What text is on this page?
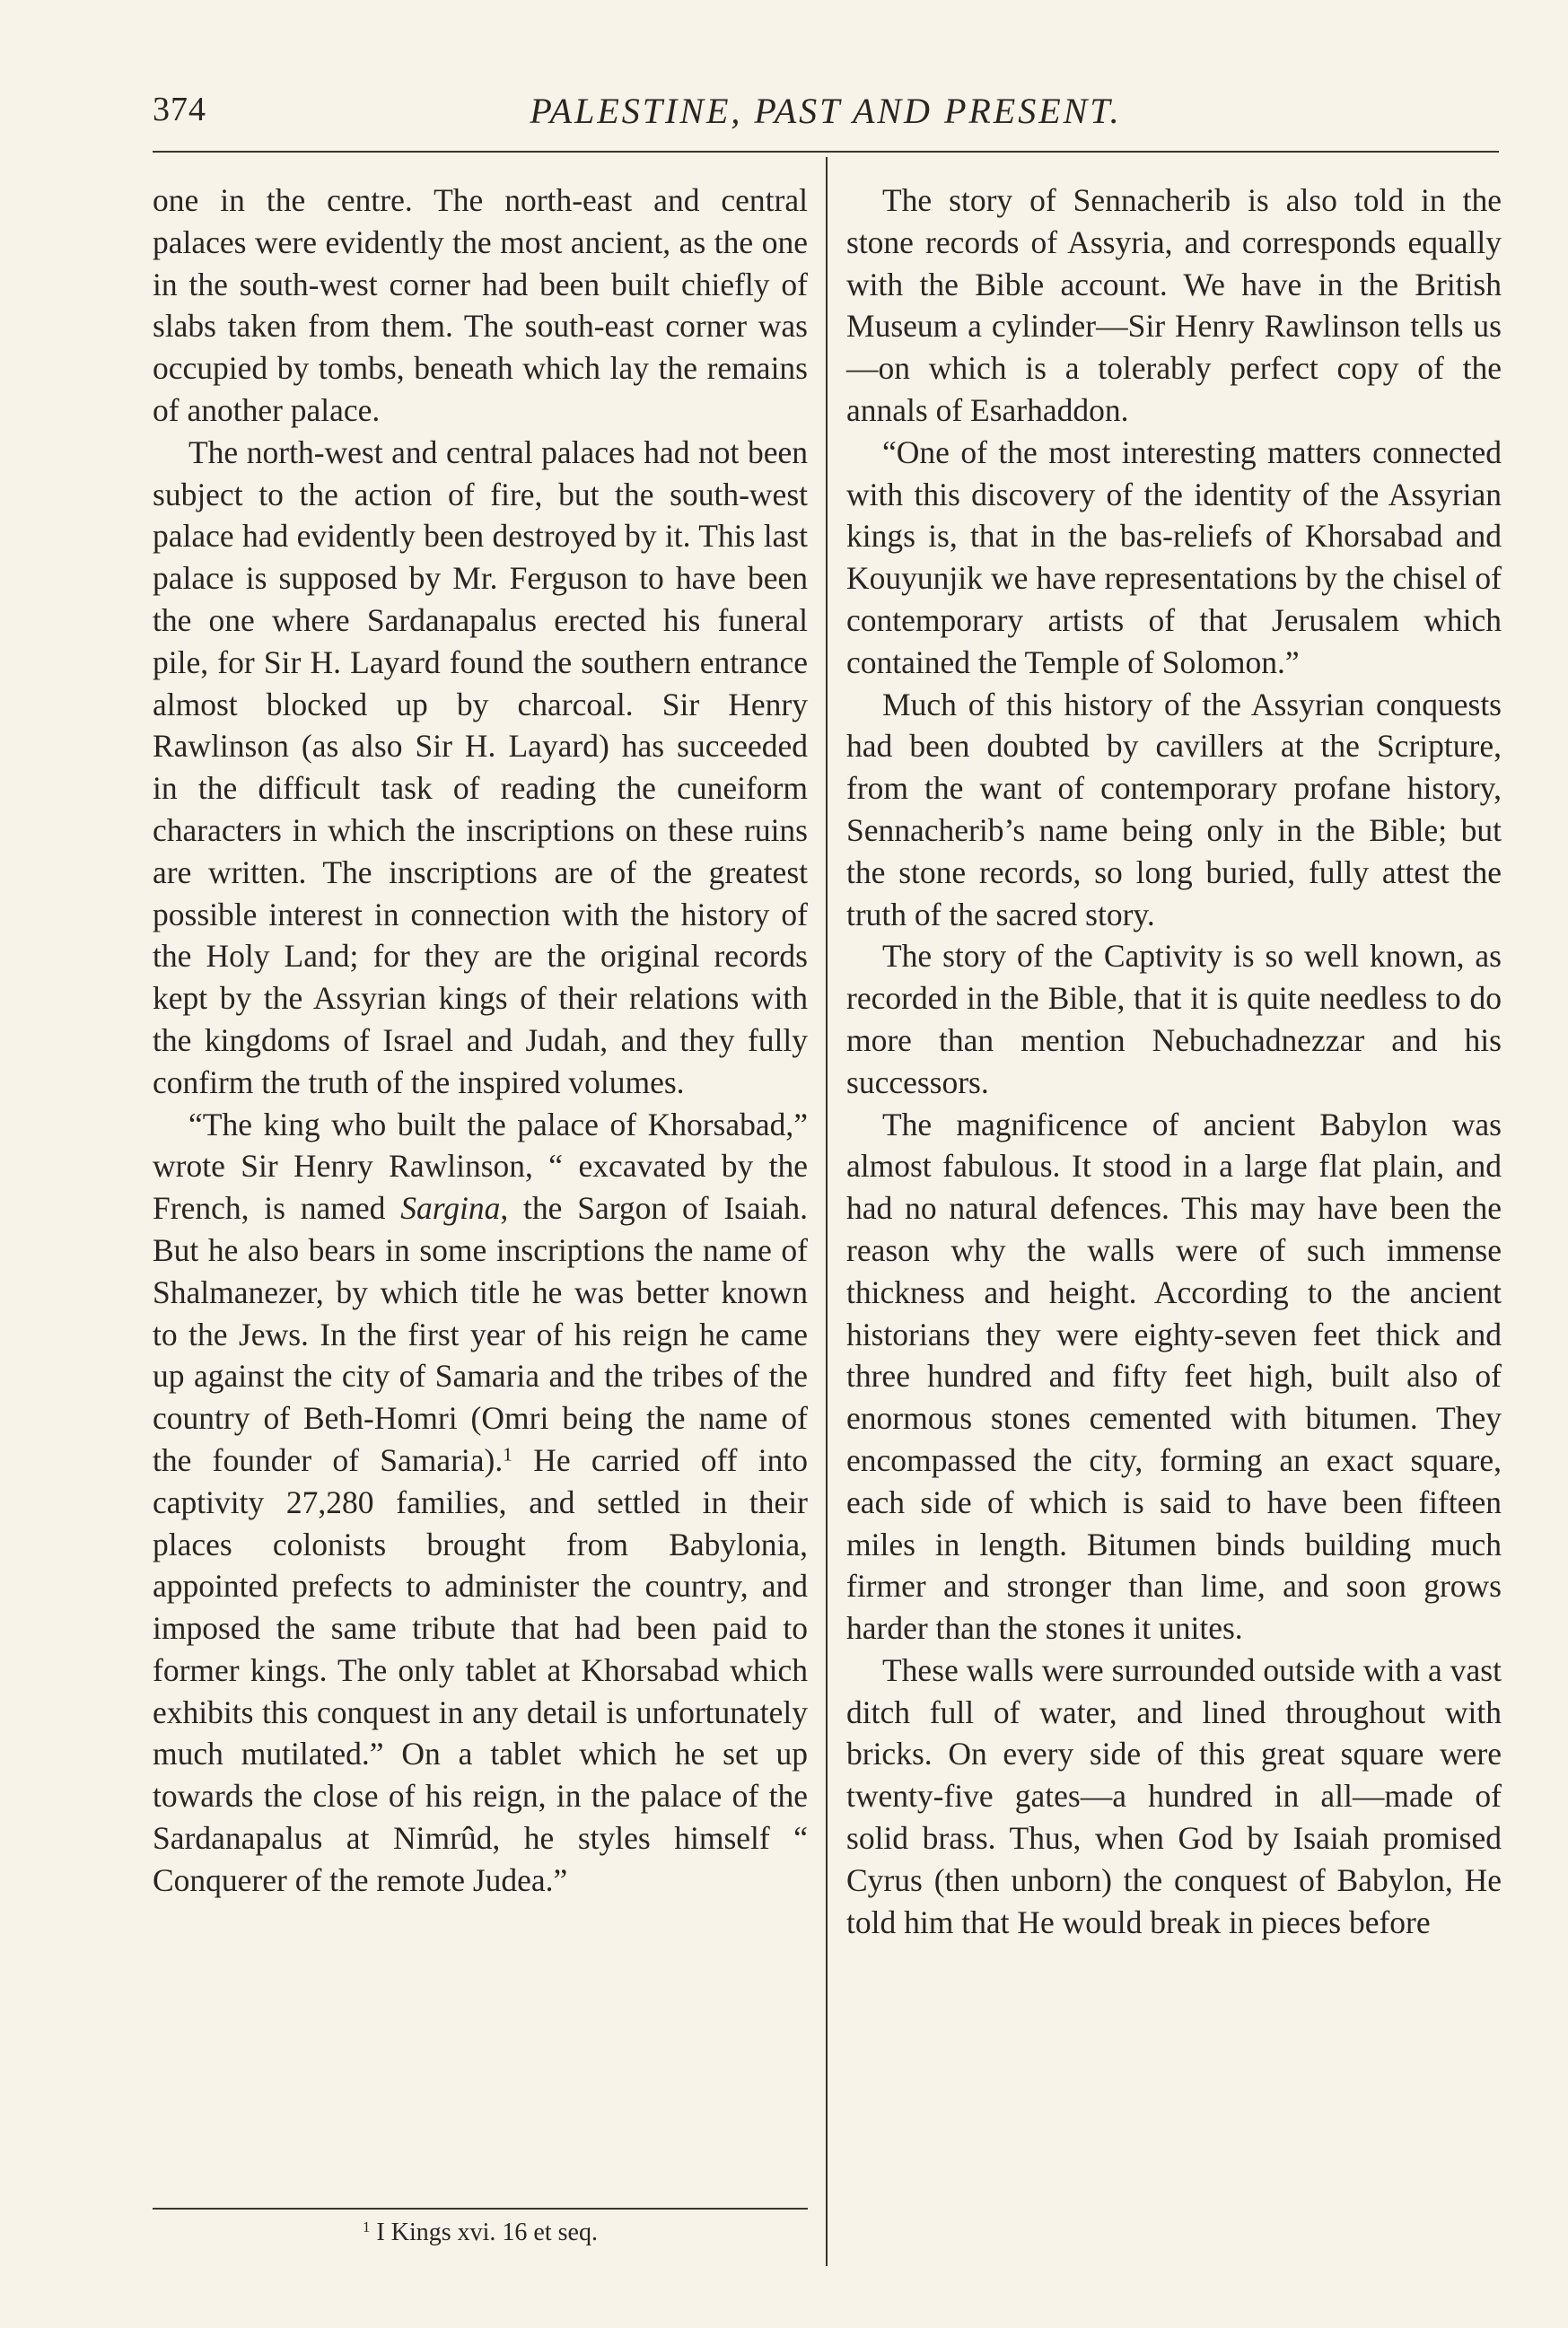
374	PALESTINE, PAST AND PRESENT.

one in the centre. The north-east and central palaces were evidently the most ancient, as the one in the south-west corner had been built chiefly of slabs taken from them. The south-east corner was occupied by tombs, beneath which lay the remains of another palace.

The north-west and central palaces had not been subject to the action of fire, but the south-west palace had evidently been destroyed by it. This last palace is supposed by Mr. Ferguson to have been the one where Sardanapalus erected his funeral pile, for Sir H. Layard found the southern entrance almost blocked up by charcoal. Sir Henry Rawlinson (as also Sir H. Layard) has succeeded in the difficult task of reading the cuneiform characters in which the inscriptions on these ruins are written. The inscriptions are of the greatest possible interest in connection with the history of the Holy Land; for they are the original records kept by the Assyrian kings of their relations with the kingdoms of Israel and Judah, and they fully confirm the truth of the inspired volumes.

“The king who built the palace of Khorsabad,” wrote Sir Henry Rawlinson, “ excavated by the French, is named Sargina, the Sargon of Isaiah. But he also bears in some inscriptions the name of Shalmanezer, by which title he was better known to the Jews. In the first year of his reign he came up against the city of Samaria and the tribes of the country of Beth-Homri (Omri being the name of the founder of Samaria).$^1$ He carried off into captivity 27,280 families, and settled in their places colonists brought from Babylonia, appointed prefects to administer the country, and imposed the same tribute that had been paid to former kings. The only tablet at Khorsabad which exhibits this conquest in any detail is unfortunately much mutilated.” On a tablet which he set up towards the close of his reign, in the palace of the Sardanapalus at Nimrûd, he styles himself “ Conquerer of the remote Judea.”

$^1$ I Kings xvi. 16 et seq.

The story of Sennacherib is also told in the stone records of Assyria, and corresponds equally with the Bible account. We have in the British Museum a cylinder—Sir Henry Rawlinson tells us—on which is a tolerably perfect copy of the annals of Esarhaddon.

“One of the most interesting matters connected with this discovery of the identity of the Assyrian kings is, that in the bas-reliefs of Khorsabad and Kouyunjik we have representations by the chisel of contemporary artists of that Jerusalem which contained the Temple of Solomon.”

Much of this history of the Assyrian conquests had been doubted by cavillers at the Scripture, from the want of contemporary profane history, Sennacherib’s name being only in the Bible; but the stone records, so long buried, fully attest the truth of the sacred story.

The story of the Captivity is so well known, as recorded in the Bible, that it is quite needless to do more than mention Nebuchadnezzar and his successors.

The magnificence of ancient Babylon was almost fabulous. It stood in a large flat plain, and had no natural defences. This may have been the reason why the walls were of such immense thickness and height. According to the ancient historians they were eighty-seven feet thick and three hundred and fifty feet high, built also of enormous stones cemented with bitumen. They encompassed the city, forming an exact square, each side of which is said to have been fifteen miles in length. Bitumen binds building much firmer and stronger than lime, and soon grows harder than the stones it unites.

These walls were surrounded outside with a vast ditch full of water, and lined throughout with bricks. On every side of this great square were twenty-five gates—a hundred in all—made of solid brass. Thus, when God by Isaiah promised Cyrus (then unborn) the conquest of Babylon, He told him that He would break in pieces before
